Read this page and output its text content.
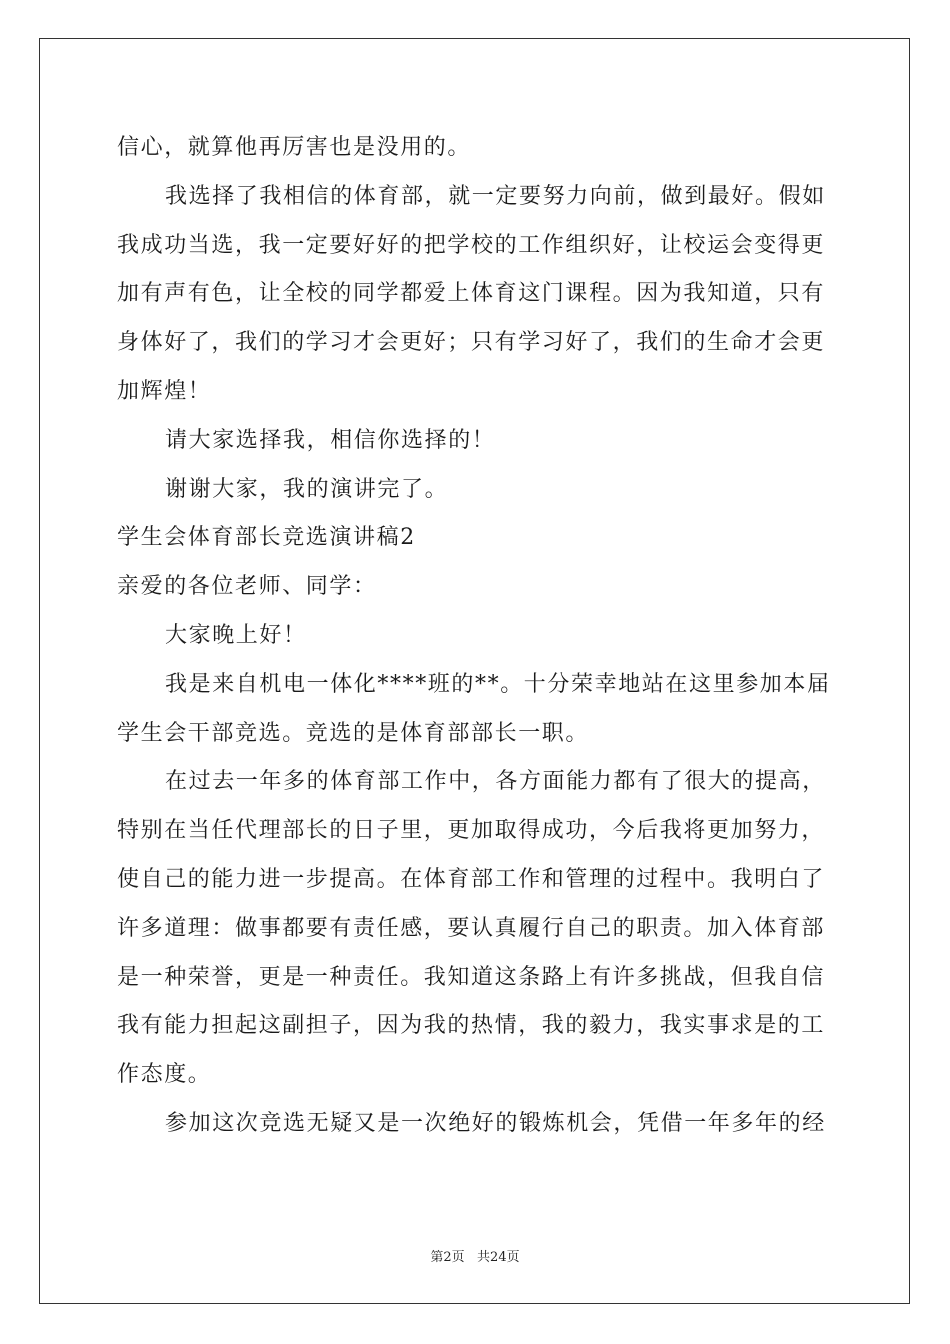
信心，就算他再厉害也是没用的。
我选择了我相信的体育部，就一定要努力向前，做到最好。假如
我成功当选，我一定要好好的把学校的工作组织好，让校运会变得更
加有声有色，让全校的同学都爱上体育这门课程。因为我知道，只有
身体好了，我们的学习才会更好；只有学习好了，我们的生命才会更
加辉煌！
请大家选择我，相信你选择的！
谢谢大家，我的演讲完了。
学生会体育部长竞选演讲稿2
亲爱的各位老师、同学：
大家晚上好！
我是来自机电一体化****班的**。十分荣幸地站在这里参加本届
学生会干部竞选。竞选的是体育部部长一职。
在过去一年多的体育部工作中，各方面能力都有了很大的提高，
特别在当任代理部长的日子里，更加取得成功，今后我将更加努力，
使自己的能力进一步提高。在体育部工作和管理的过程中。我明白了
许多道理：做事都要有责任感，要认真履行自己的职责。加入体育部
是一种荣誉，更是一种责任。我知道这条路上有许多挑战，但我自信
我有能力担起这副担子，因为我的热情，我的毅力，我实事求是的工
作态度。
参加这次竞选无疑又是一次绝好的锻炼机会，凭借一年多年的经
第2页   共24页
